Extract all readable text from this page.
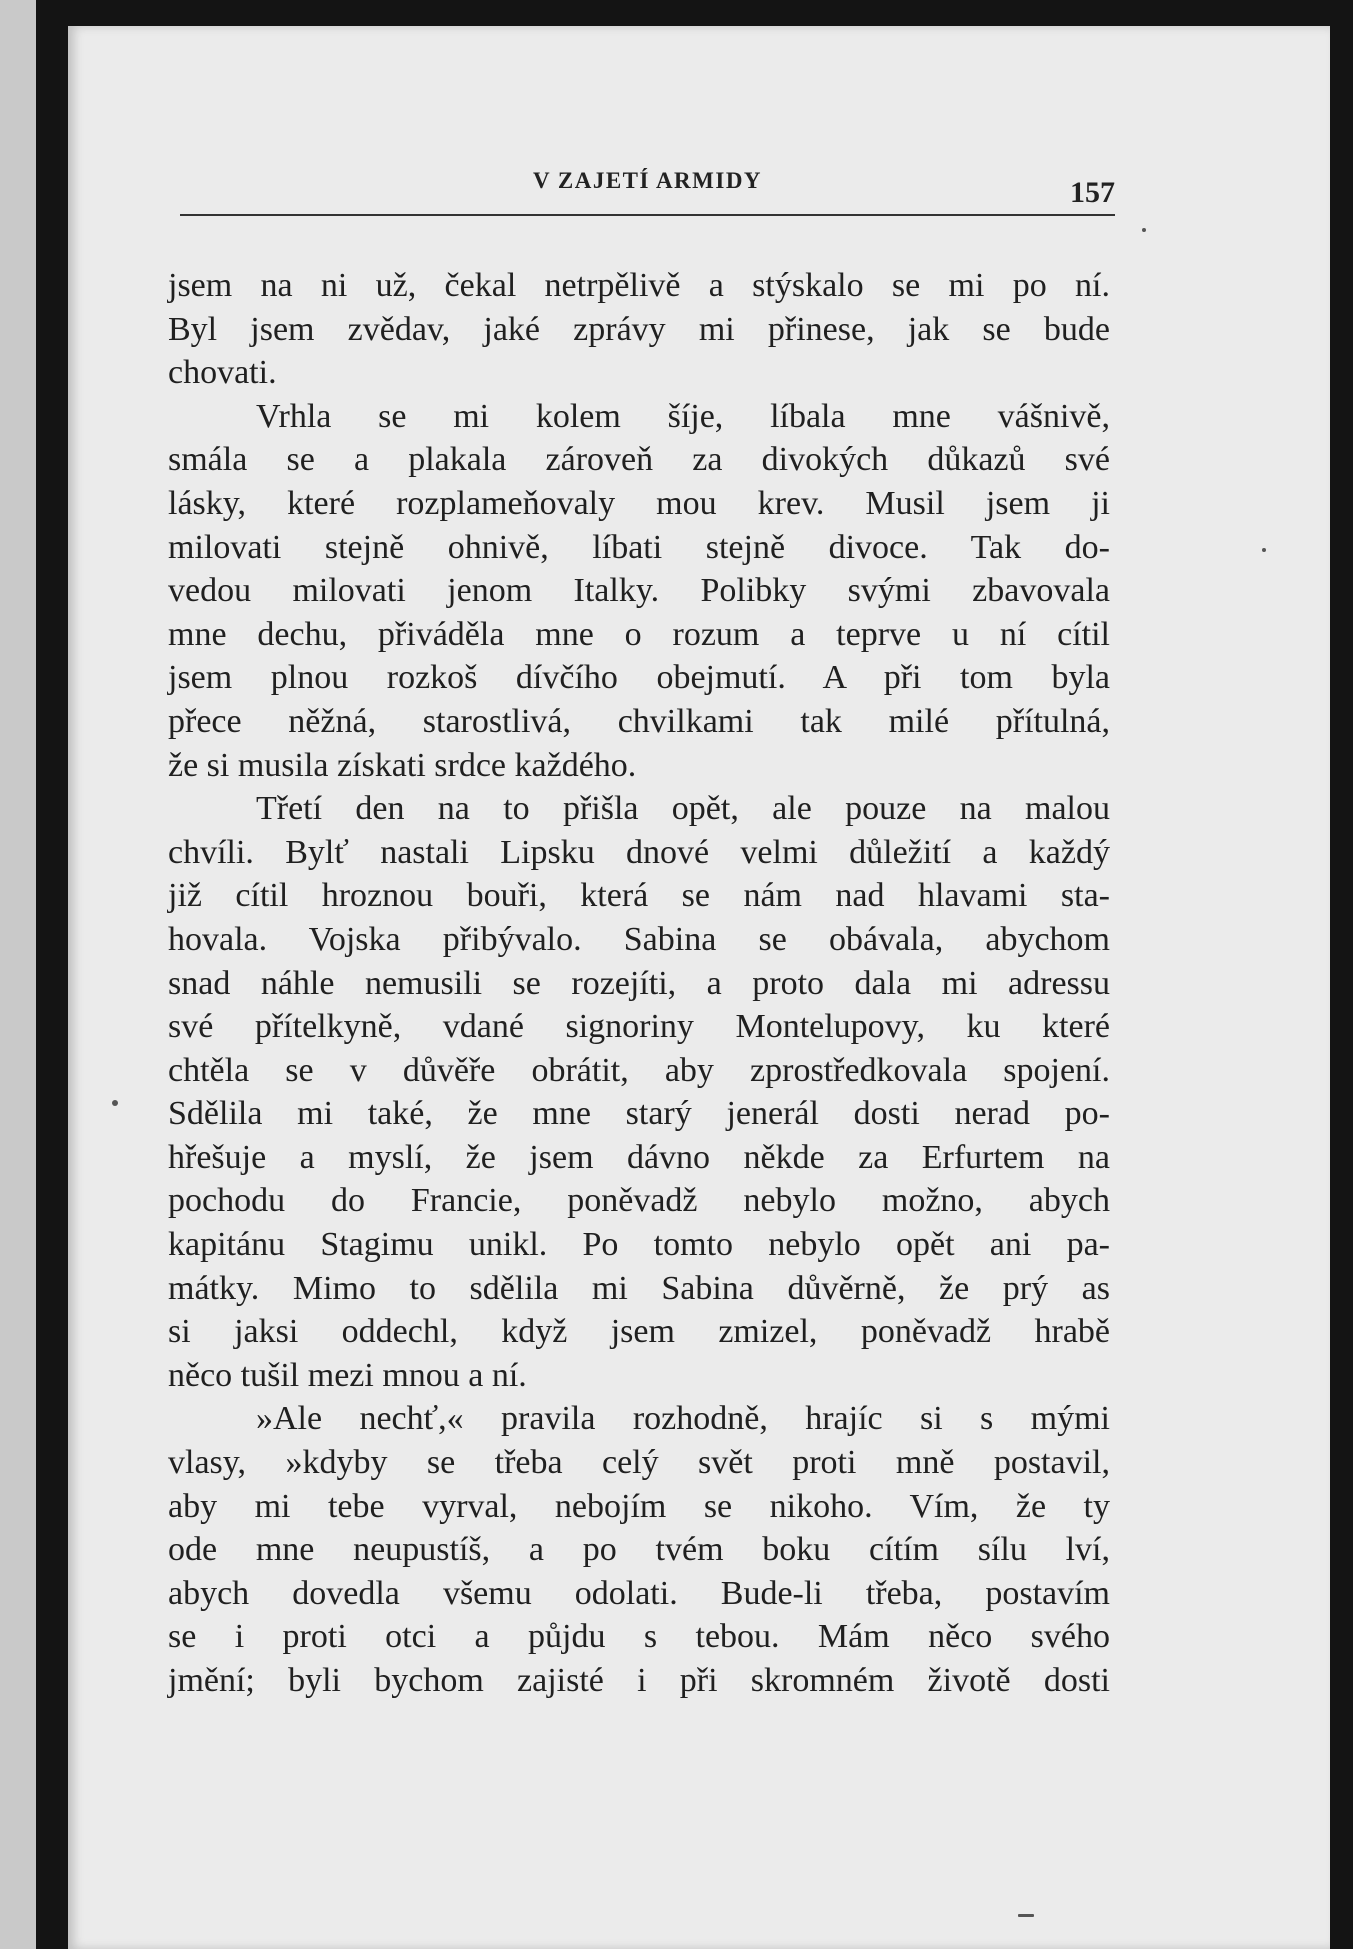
V ZAJETÍ ARMIDY	157
jsem na ni už, čekal netrpělivě a stýskalo se mi po ní.
Byl jsem zvědav, jaké zprávy mi přinese, jak se bude
chovati.
Vrhla se mi kolem šíje, líbala mne vášnivě,
smála se a plakala zároveň za divokých důkazů své
lásky, které rozplameňovaly mou krev. Musil jsem ji
milovati stejně ohnivě, líbati stejně divoce. Tak do-
vedou milovati jenom Italky. Polibky svými zbavovala
mne dechu, přiváděla mne o rozum a teprve u ní cítil
jsem plnou rozkoš dívčího obejmutí. A při tom byla
přece něžná, starostlivá, chvilkami tak milé přítulná,
že si musila získati srdce každého.
Třetí den na to přišla opět, ale pouze na malou
chvíli. Bylť nastali Lipsku dnové velmi důležití a každý
již cítil hroznou bouři, která se nám nad hlavami sta-
hovala. Vojska přibývalo. Sabina se obávala, abychom
snad náhle nemusili se rozejíti, a proto dala mi adressu
své přítelkyně, vdané signoriny Montelupovy, ku které
chtěla se v důvěře obrátit, aby zprostředkovala spojení.
Sdělila mi také, že mne starý jenerál dosti nerad po-
hřešuje a myslí, že jsem dávno někde za Erfurtem na
pochodu do Francie, poněvadž nebylo možno, abych
kapitánu Stagimu unikl. Po tomto nebylo opět ani pa-
mátky. Mimo to sdělila mi Sabina důvěrně, že prý as
si jaksi oddechl, když jsem zmizel, poněvadž hrabě
něco tušil mezi mnou a ní.
»Ale nechť,« pravila rozhodně, hrajíc si s mými
vlasy, »kdyby se třeba celý svět proti mně postavil,
aby mi tebe vyrval, nebojím se nikoho. Vím, že ty
ode mne neupustíš, a po tvém boku cítím sílu lví,
abych dovedla všemu odolati. Bude-li třeba, postavím
se i proti otci a půjdu s tebou. Mám něco svého
jmění; byli bychom zajisté i při skromném životě dosti
